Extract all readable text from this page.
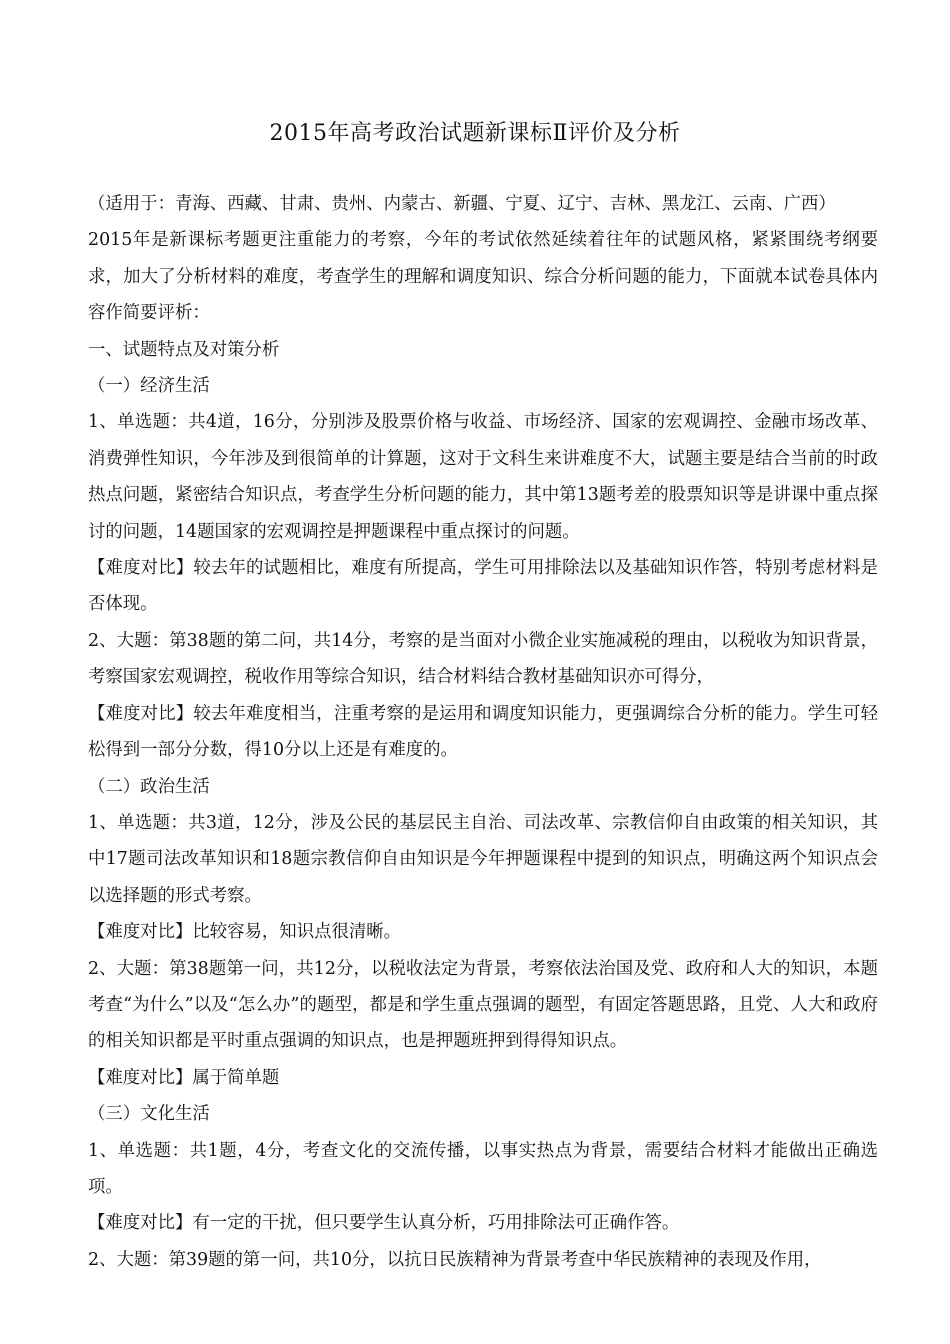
2015年高考政治试题新课标Ⅱ评价及分析

（适用于：青海、西藏、甘肃、贵州、内蒙古、新疆、宁夏、辽宁、吉林、黑龙江、云南、广西）

2015年是新课标考题更注重能力的考察，今年的考试依然延续着往年的试题风格，紧紧围绕考纲要求，加大了分析材料的难度，考查学生的理解和调度知识、综合分析问题的能力，下面就本试卷具体内容作简要评析：

一、试题特点及对策分析

（一）经济生活

1、单选题：共4道，16分，分别涉及股票价格与收益、市场经济、国家的宏观调控、金融市场改革、消费弹性知识，今年涉及到很简单的计算题，这对于文科生来讲难度不大，试题主要是结合当前的时政热点问题，紧密结合知识点，考查学生分析问题的能力，其中第13题考差的股票知识等是讲课中重点探讨的问题，14题国家的宏观调控是押题课程中重点探讨的问题。

【难度对比】较去年的试题相比，难度有所提高，学生可用排除法以及基础知识作答，特别考虑材料是否体现。

2、大题：第38题的第二问，共14分，考察的是当面对小微企业实施减税的理由，以税收为知识背景，考察国家宏观调控，税收作用等综合知识，结合材料结合教材基础知识亦可得分，

【难度对比】较去年难度相当，注重考察的是运用和调度知识能力，更强调综合分析的能力。学生可轻松得到一部分分数，得10分以上还是有难度的。

（二）政治生活

1、单选题：共3道，12分，涉及公民的基层民主自治、司法改革、宗教信仰自由政策的相关知识，其中17题司法改革知识和18题宗教信仰自由知识是今年押题课程中提到的知识点，明确这两个知识点会以选择题的形式考察。

【难度对比】比较容易，知识点很清晰。

2、大题：第38题第一问，共12分，以税收法定为背景，考察依法治国及党、政府和人大的知识，本题考查“为什么”以及“怎么办”的题型，都是和学生重点强调的题型，有固定答题思路，且党、人大和政府的相关知识都是平时重点强调的知识点，也是押题班押到得得知识点。

【难度对比】属于简单题

（三）文化生活

1、单选题：共1题，4分，考查文化的交流传播，以事实热点为背景，需要结合材料才能做出正确选项。

【难度对比】有一定的干扰，但只要学生认真分析，巧用排除法可正确作答。

2、大题：第39题的第一问，共10分，以抗日民族精神为背景考查中华民族精神的表现及作用，
